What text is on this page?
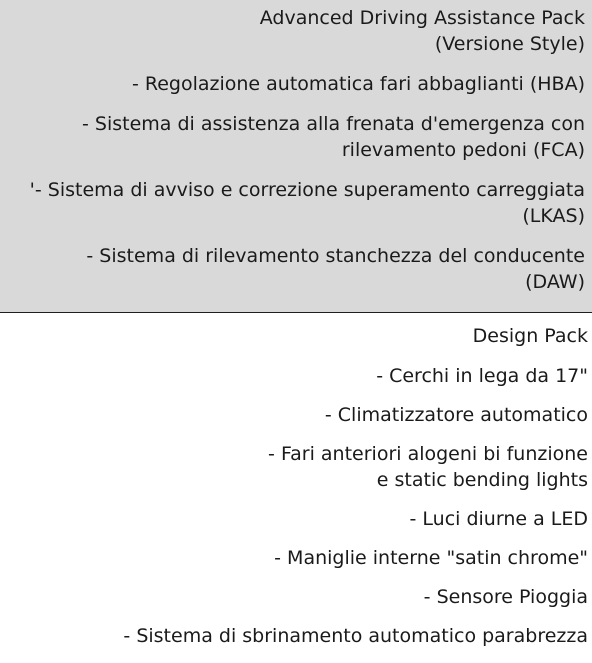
Advanced Driving Assistance Pack

(Versione Style)

- Regolazione automatica fari abbaglianti (HBA)

- Sistema di assistenza alla frenata d'emergenza con

rilevamento pedoni (FCA)

'- Sistema di avviso e correzione superamento carreggiata

(LKAS)

- Sistema di rilevamento stanchezza del conducente

(DAW)

Design Pack

- Cerchi in lega da 17"

- Climatizzatore automatico

- Fari anteriori alogeni bi funzione

e static bending lights

- Luci diurne a LED

- Maniglie interne "satin chrome"

- Sensore Pioggia

- Sistema di sbrinamento automatico parabrezza
